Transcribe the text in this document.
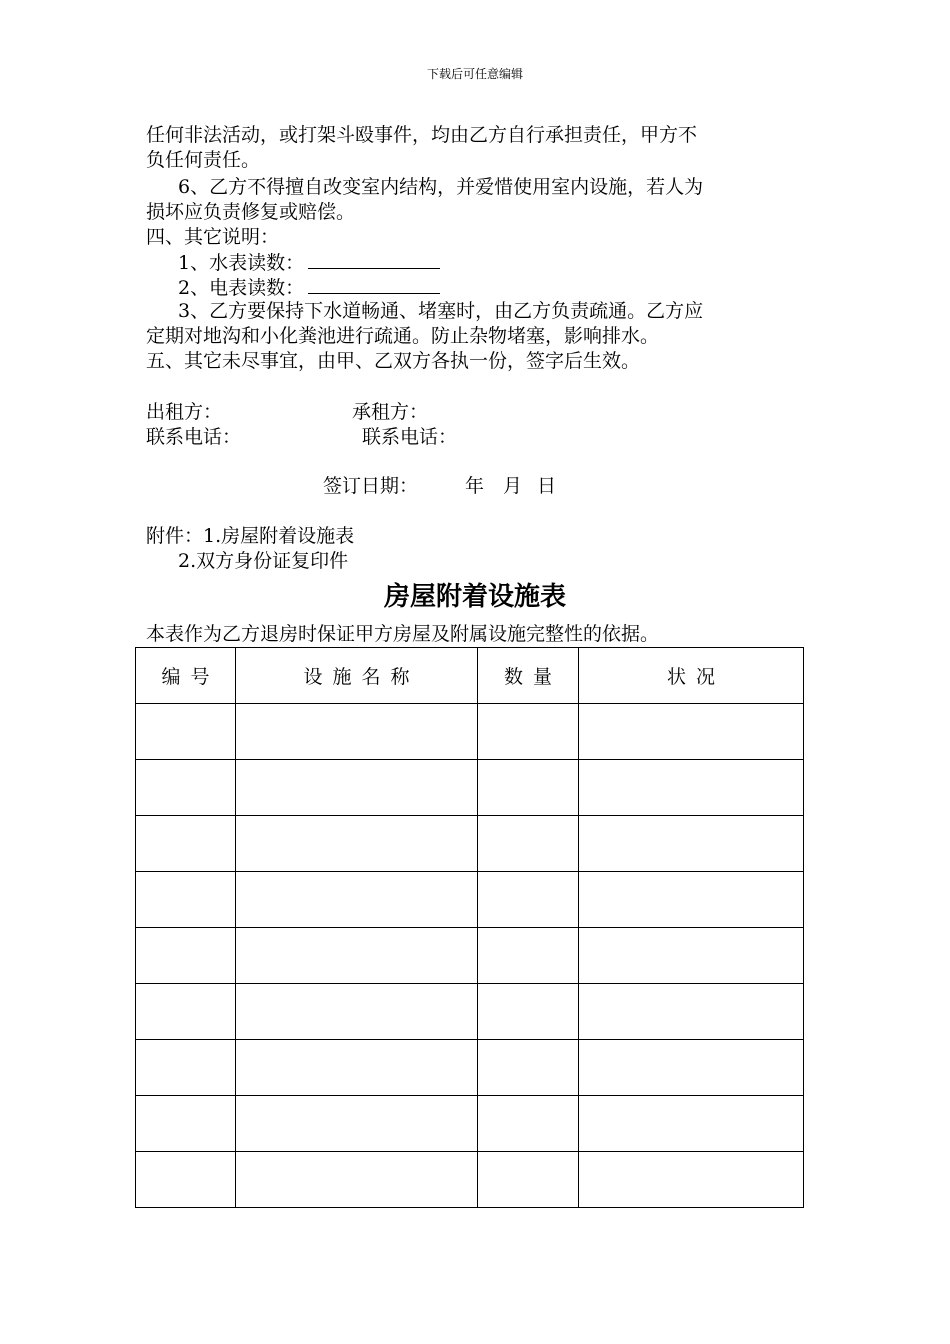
下载后可任意编辑
任何非法活动，或打架斗殴事件，均由乙方自行承担责任，甲方不
负任何责任。
6、乙方不得擅自改变室内结构，并爱惜使用室内设施，若人为
损坏应负责修复或赔偿。
四、其它说明：
1、水表读数：
2、电表读数：
3、乙方要保持下水道畅通、堵塞时，由乙方负责疏通。乙方应
定期对地沟和小化粪池进行疏通。防止杂物堵塞，影响排水。
五、其它未尽事宜，由甲、乙双方各执一份，签字后生效。
出租方：	承租方：
联系电话：	联系电话：
签订日期： 年 月 日
附件：1.房屋附着设施表
2.双方身份证复印件
房屋附着设施表
本表作为乙方退房时保证甲方房屋及附属设施完整性的依据。
编号	设施名称	数量	状况
